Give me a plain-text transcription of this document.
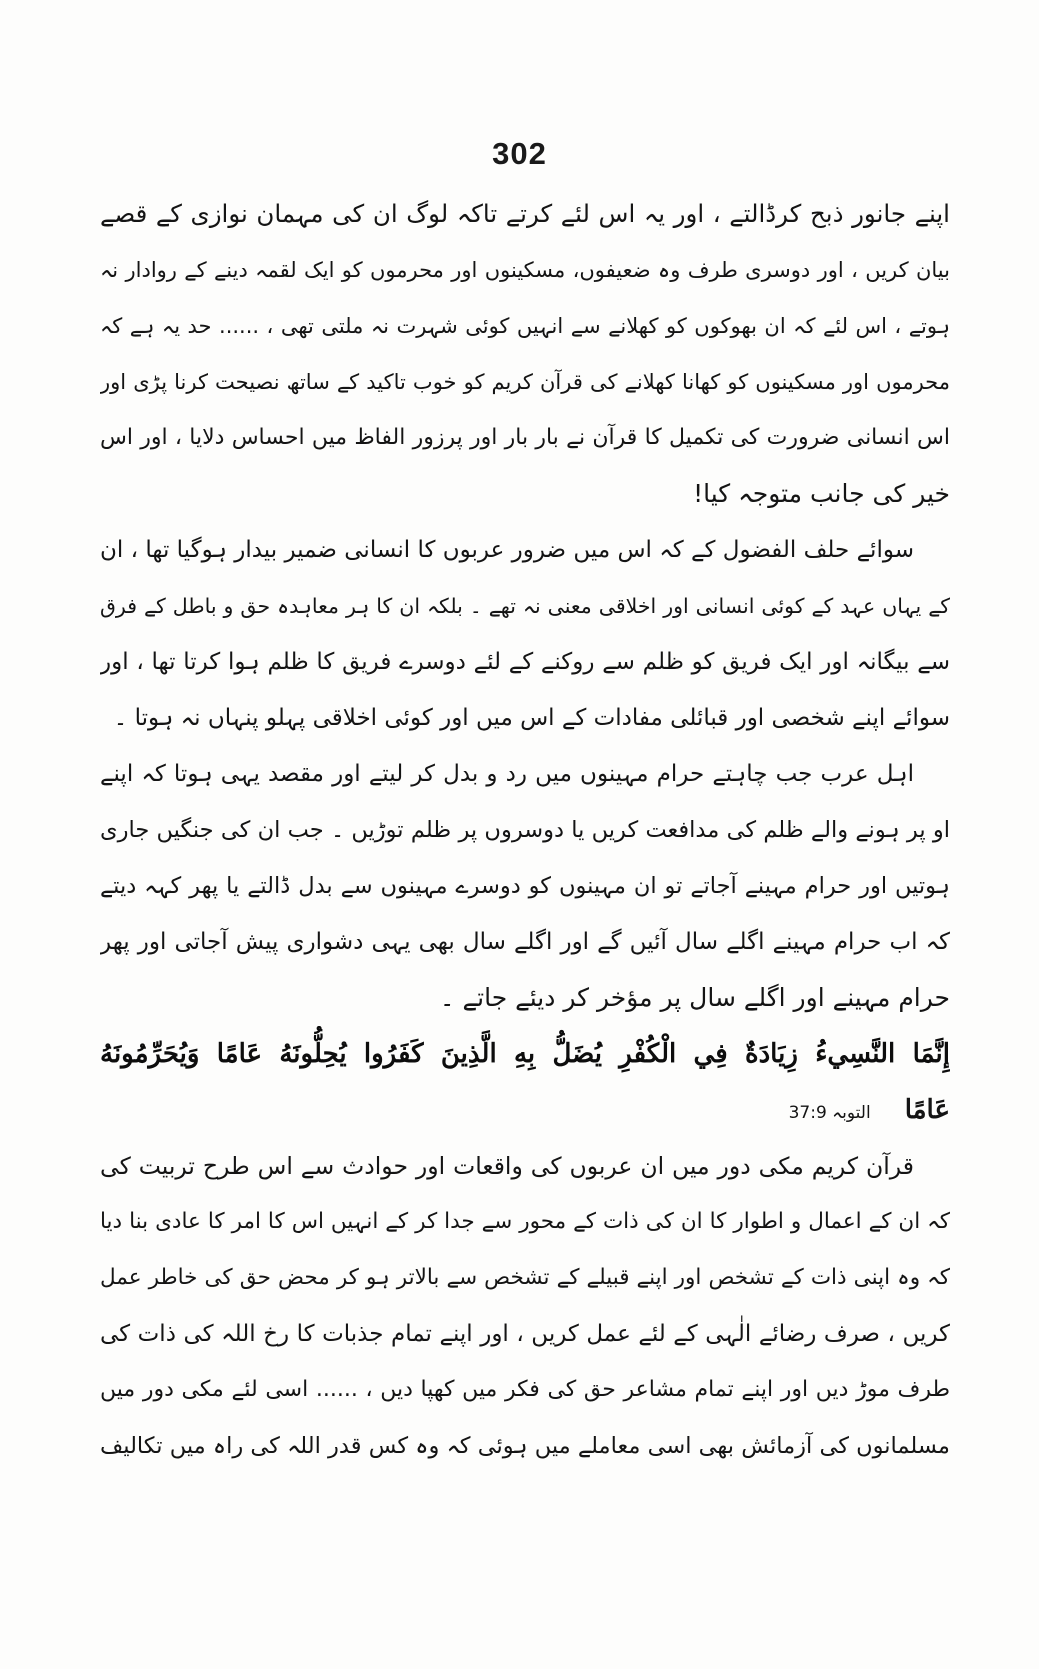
302
اپنے جانور ذبح کرڈالتے ، اور یہ اس لئے کرتے تاکہ لوگ ان کی مہمان نوازی کے قصے
بیان کریں ، اور دوسری طرف وہ ضعیفوں، مسکینوں اور محرموں کو ایک لقمہ دینے کے روادار نہ
ہوتے ، اس لئے کہ ان بھوکوں کو کھلانے سے انہیں کوئی شہرت نہ ملتی تھی ، ...... حد یہ ہے کہ
محرموں اور مسکینوں کو کھانا کھلانے کی قرآن کریم کو خوب تاکید کے ساتھ نصیحت کرنا پڑی اور
اس انسانی ضرورت کی تکمیل کا قرآن نے بار بار اور پرزور الفاظ میں احساس دلایا ، اور اس
خیر کی جانب متوجہ کیا!
سوائے حلف الفضول کے کہ اس میں ضرور عربوں کا انسانی ضمیر بیدار ہوگیا تھا ، ان
کے یہاں عہد کے کوئی انسانی اور اخلاقی معنی نہ تھے ۔ بلکہ ان کا ہر معاہدہ حق و باطل کے فرق
سے بیگانہ اور ایک فریق کو ظلم سے روکنے کے لئے دوسرے فریق کا ظلم ہوا کرتا تھا ، اور
سوائے اپنے شخصی اور قبائلی مفادات کے اس میں اور کوئی اخلاقی پہلو پنہاں نہ ہوتا ۔
اہل عرب جب چاہتے حرام مہینوں میں رد و بدل کر لیتے اور مقصد یہی ہوتا کہ اپنے
او پر ہونے والے ظلم کی مدافعت کریں یا دوسروں پر ظلم توڑیں ۔ جب ان کی جنگیں جاری
ہوتیں اور حرام مہینے آجاتے تو ان مہینوں کو دوسرے مہینوں سے بدل ڈالتے یا پھر کہہ دیتے
کہ اب حرام مہینے اگلے سال آئیں گے اور اگلے سال بھی یہی دشواری پیش آجاتی اور پھر
حرام مہینے اور اگلے سال پر مؤخر کر دیئے جاتے ۔
إِنَّمَا النَّسِيءُ زِيَادَةٌ فِي الْكُفْرِ يُضَلُّ بِهِ الَّذِينَ كَفَرُوا يُحِلُّونَهُ عَامًا وَيُحَرِّمُونَهُ
عَامًاالتوبہ 37:9
قرآن کریم مکی دور میں ان عربوں کی واقعات اور حوادث سے اس طرح تربیت کی
کہ ان کے اعمال و اطوار کا ان کی ذات کے محور سے جدا کر کے انہیں اس کا امر کا عادی بنا دیا
کہ وہ اپنی ذات کے تشخص اور اپنے قبیلے کے تشخص سے بالاتر ہو کر محض حق کی خاطر عمل
کریں ، صرف رضائے الٰہی کے لئے عمل کریں ، اور اپنے تمام جذبات کا رخ اللہ کی ذات کی
طرف موڑ دیں اور اپنے تمام مشاعر حق کی فکر میں کھپا دیں ، ...... اسی لئے مکی دور میں
مسلمانوں کی آزمائش بھی اسی معاملے میں ہوئی کہ وہ کس قدر اللہ کی راہ میں تکالیف
